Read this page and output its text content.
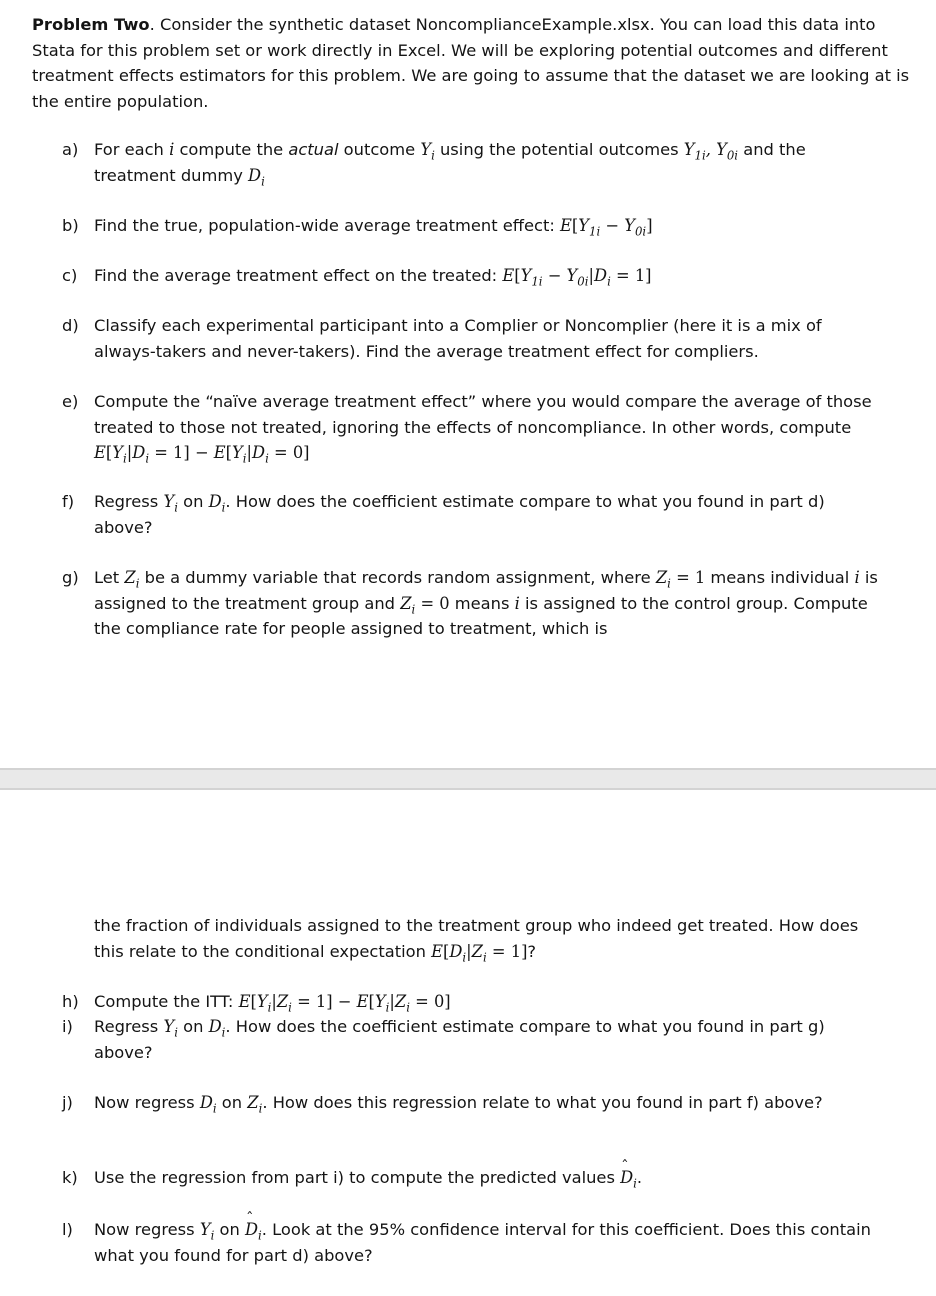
Problem Two. Consider the synthetic dataset NoncomplianceExample.xlsx. You can load this data into Stata for this problem set or work directly in Excel. We will be exploring potential outcomes and different treatment effects estimators for this problem. We are going to assume that the dataset we are looking at is the entire population.

a) For each i compute the actual outcome $Y_i$ using the potential outcomes $Y_{1i}$, $Y_{0i}$ and the treatment dummy $D_i$
b) Find the true, population-wide average treatment effect: $E[Y_{1i} - Y_{0i}]$
c)	Find the average treatment effect on the treated: $E[Y_{1i} - Y_{0i}|D_i = 1]$
d) Classify each experimental participant into a Complier or Noncomplier (here it is a mix of always-takers and never-takers). Find the average treatment effect for compliers.
e) Compute the “naïve average treatment effect” where you would compare the average of those treated to those not treated, ignoring the effects of noncompliance. In other words, compute $E[Y_i|D_i = 1] - E[Y_i|D_i = 0]$
f)	Regress $Y_i$ on $D_i$. How does the coefficient estimate compare to what you found in part d) above?
g) Let $Z_i$ be a dummy variable that records random assignment, where $Z_i = 1$ means individual i is assigned to the treatment group and $Z_i = 0$ means i is assigned to the control group. Compute the compliance rate for people assigned to treatment, which is
the fraction of individuals assigned to the treatment group who indeed get treated. How does this relate to the conditional expectation $E[D_i|Z_i = 1]$?
h) Compute the ITT: $E[Y_i|Z_i = 1] - E[Y_i|Z_i = 0]$
i)	Regress $Y_i$ on $D_i$. How does the coefficient estimate compare to what you found in part g) above?
j)	Now regress $D_i$ on $Z_i$. How does this regression relate to what you found in part f) above?
k) Use the regression from part i) to compute the predicted values ˆ $D_i$.
l)	Now regress $Y_i$ on ˆ $D_i$. Look at the 95% confidence interval for this coefficient. Does this contain what you found for part d) above?
